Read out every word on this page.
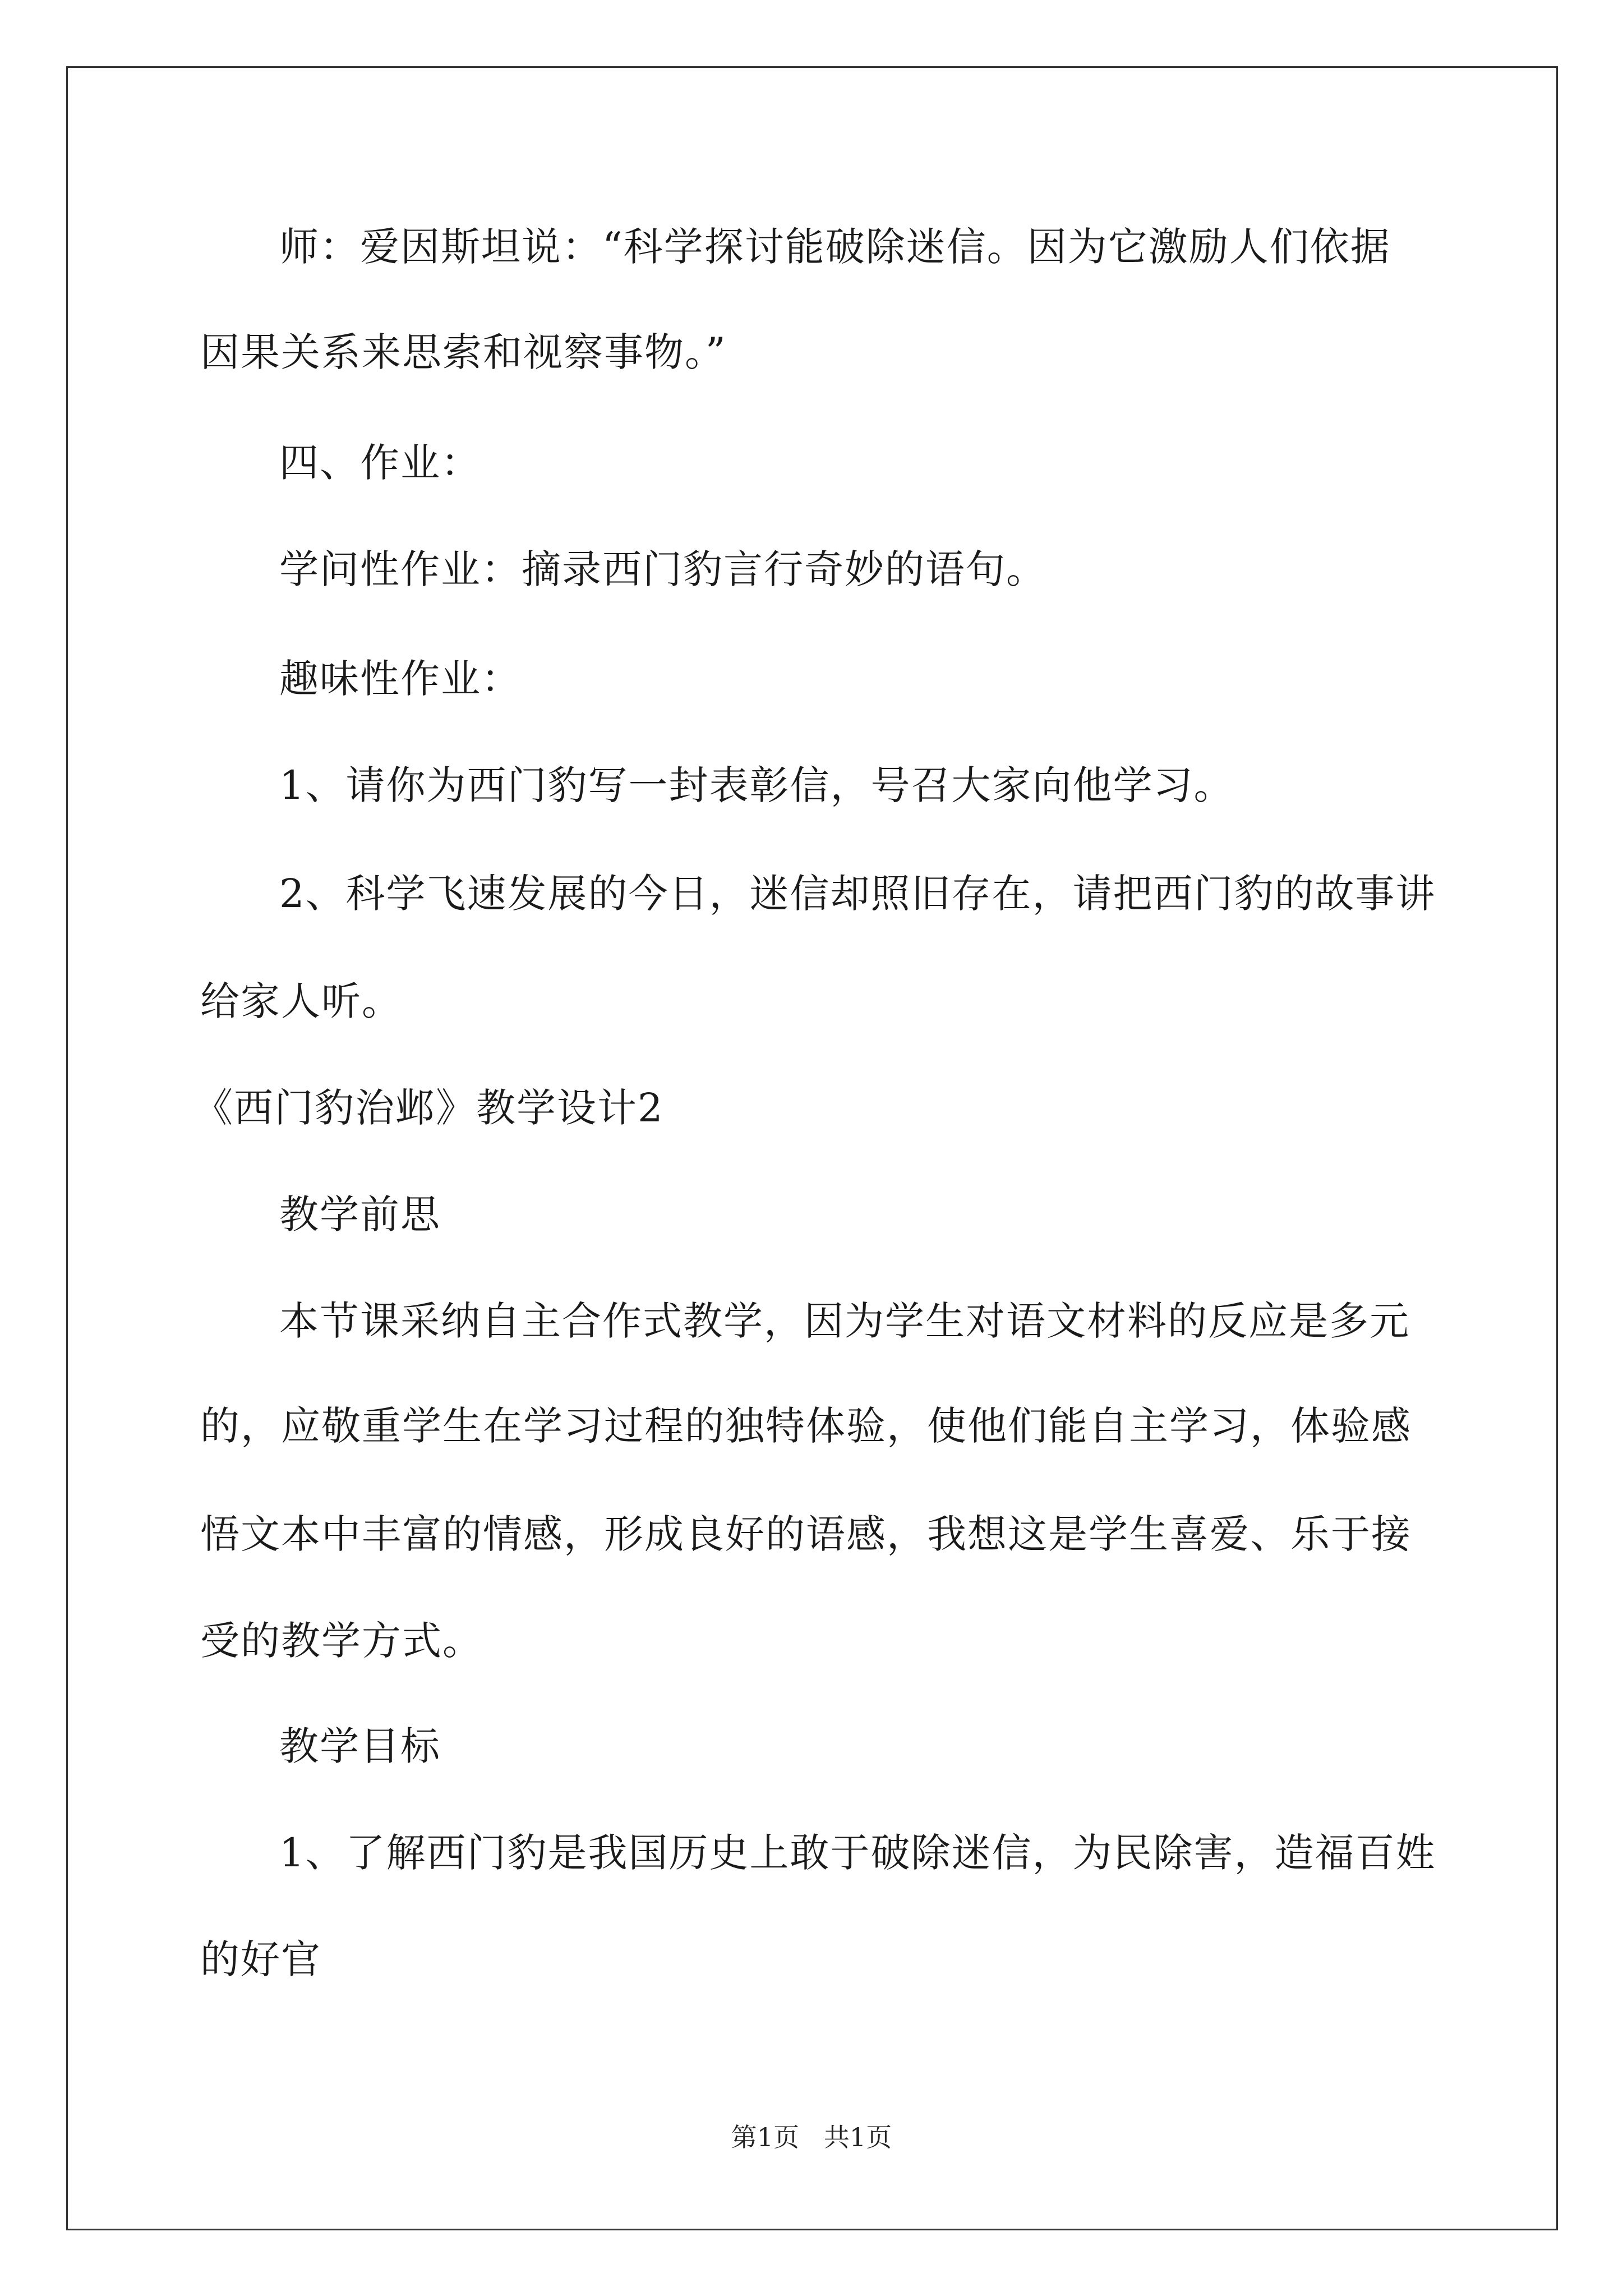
师：爱因斯坦说：“科学探讨能破除迷信。因为它激励人们依据
因果关系来思索和视察事物。”
四、作业：
学问性作业：摘录西门豹言行奇妙的语句。
趣味性作业：
1、请你为西门豹写一封表彰信，号召大家向他学习。
2、科学飞速发展的今日，迷信却照旧存在，请把西门豹的故事讲
给家人听。
《西门豹治邺》教学设计2
教学前思
本节课采纳自主合作式教学，因为学生对语文材料的反应是多元
的，应敬重学生在学习过程的独特体验，使他们能自主学习，体验感
悟文本中丰富的情感，形成良好的语感，我想这是学生喜爱、乐于接
受的教学方式。
教学目标
1、了解西门豹是我国历史上敢于破除迷信，为民除害，造福百姓
的好官
第1页   共1页
